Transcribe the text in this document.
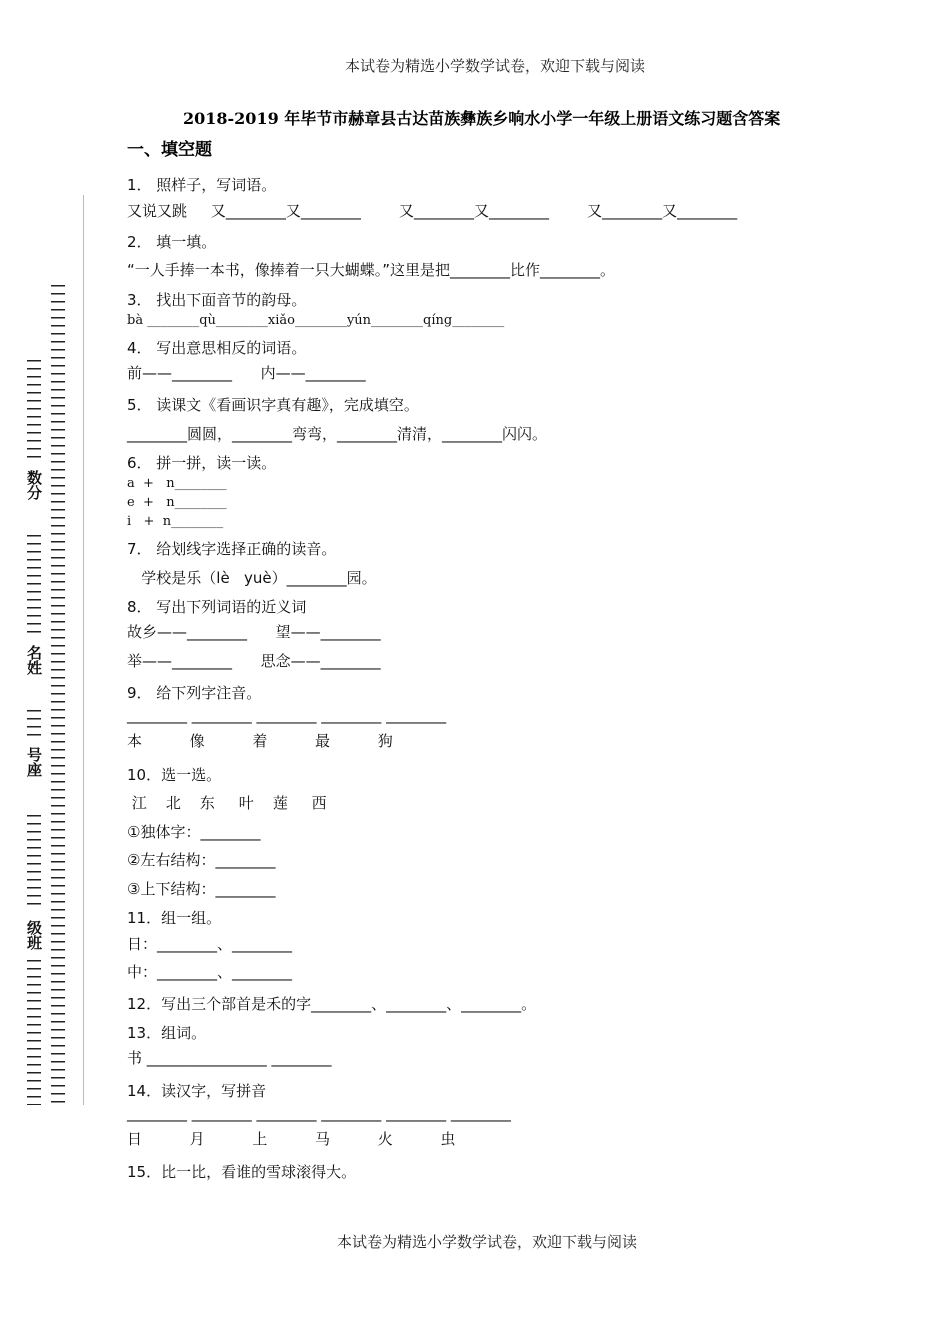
本试卷为精选小学数学试卷，欢迎下载与阅读
2018-2019 年毕节市赫章县古达苗族彝族乡响水小学一年级上册语文练习题含答案
一、填空题
数分
名姓
号座
级班
1． 照样子，写词语。
又说又跳     又________又________        又________又________        又________又________
2． 填一填。
“一人手捧一本书，像捧着一只大蝴蝶。”这里是把________比作________。
3． 找出下面音节的韵母。
bà ________qù________xiǎo________yún________qíng________
4． 写出意思相反的词语。
前——________      内——________
5． 读课文《看画识字真有趣》，完成填空。
________圆圆，________弯弯，________清清，________闪闪。
6． 拼一拼，读一读。
a  +   n________
e  +   n________
i   +  n________
7． 给划线字选择正确的读音。
学校是乐（lè   yuè）________园。
8． 写出下列词语的近义词
故乡——________      望——________
举——________      思念——________
9． 给下列字注音。
________ ________ ________ ________ ________
本          像          着          最          狗
10．选一选。
江    北    东     叶    莲     西
①独体字：________
②左右结构：________
③上下结构：________
11．组一组。
日：________、________
中：________、________
12．写出三个部首是禾的字________、________、________。
13．组词。
书 ________________ ________
14．读汉字，写拼音
________ ________ ________ ________ ________ ________
日          月          上          马          火          虫
15．比一比，看谁的雪球滚得大。
本试卷为精选小学数学试卷，欢迎下载与阅读
